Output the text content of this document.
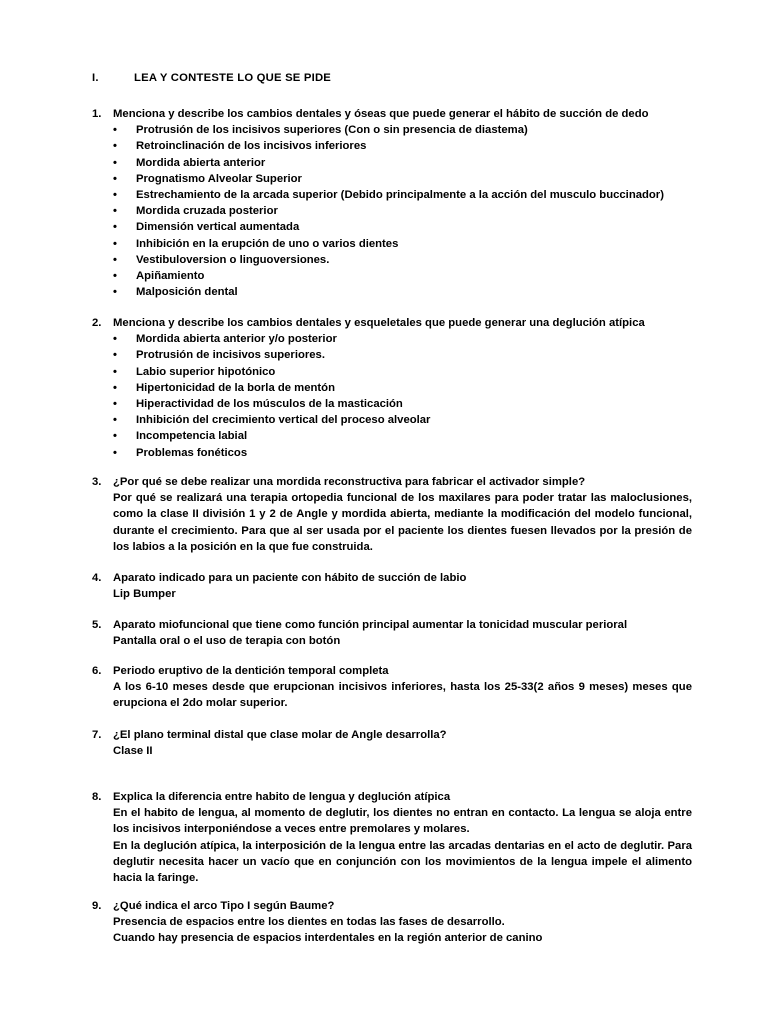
I.	LEA Y CONTESTE LO QUE SE PIDE
1. Menciona y describe los cambios dentales y óseas que puede generar el hábito de succión de dedo
• Protrusión de los incisivos superiores (Con o sin presencia de diastema)
• Retroinclinación de los incisivos inferiores
• Mordida abierta anterior
• Prognatismo Alveolar Superior
• Estrechamiento de la arcada superior (Debido principalmente a la acción del musculo buccinador)
• Mordida cruzada posterior
• Dimensión vertical aumentada
• Inhibición en la erupción de uno o varios dientes
• Vestibuloversion o linguoversiones.
• Apiñamiento
• Malposición dental
2. Menciona y describe los cambios dentales y esqueletales que puede generar una deglución atípica
• Mordida abierta anterior y/o posterior
• Protrusión de incisivos superiores.
• Labio superior hipotónico
• Hipertonicidad de la borla de mentón
• Hiperactividad de los músculos de la masticación
• Inhibición del crecimiento vertical del proceso alveolar
• Incompetencia labial
• Problemas fonéticos
3. ¿Por qué se debe realizar una mordida reconstructiva para fabricar el activador simple?
Por qué se realizará una terapia ortopedia funcional de los maxilares para poder tratar las maloclusiones, como la clase II división 1 y 2 de Angle y mordida abierta, mediante la modificación del modelo funcional, durante el crecimiento. Para que al ser usada por el paciente los dientes fuesen llevados por la presión de los labios a la posición en la que fue construida.
4. Aparato indicado para un paciente con hábito de succión de labio
Lip Bumper
5. Aparato miofuncional que tiene como función principal aumentar la tonicidad muscular perioral
Pantalla oral o el uso de terapia con botón
6. Periodo eruptivo de la dentición temporal completa
A los 6-10 meses desde que erupcionan incisivos inferiores, hasta los 25-33(2 años 9 meses) meses que erupciona el 2do molar superior.
7. ¿El plano terminal distal que clase molar de Angle desarrolla?
Clase II
8. Explica la diferencia entre habito de lengua y deglución atípica
En el habito de lengua, al momento de deglutir, los dientes no entran en contacto. La lengua se aloja entre los incisivos interponiéndose a veces entre premolares y molares.
En la deglución atípica, la interposición de la lengua entre las arcadas dentarias en el acto de deglutir. Para deglutir necesita hacer un vacío que en conjunción con los movimientos de la lengua impele el alimento hacia la faringe.
9. ¿Qué indica el arco Tipo I según Baume?
Presencia de espacios entre los dientes en todas las fases de desarrollo.
Cuando hay presencia de espacios interdentales en la región anterior de canino
